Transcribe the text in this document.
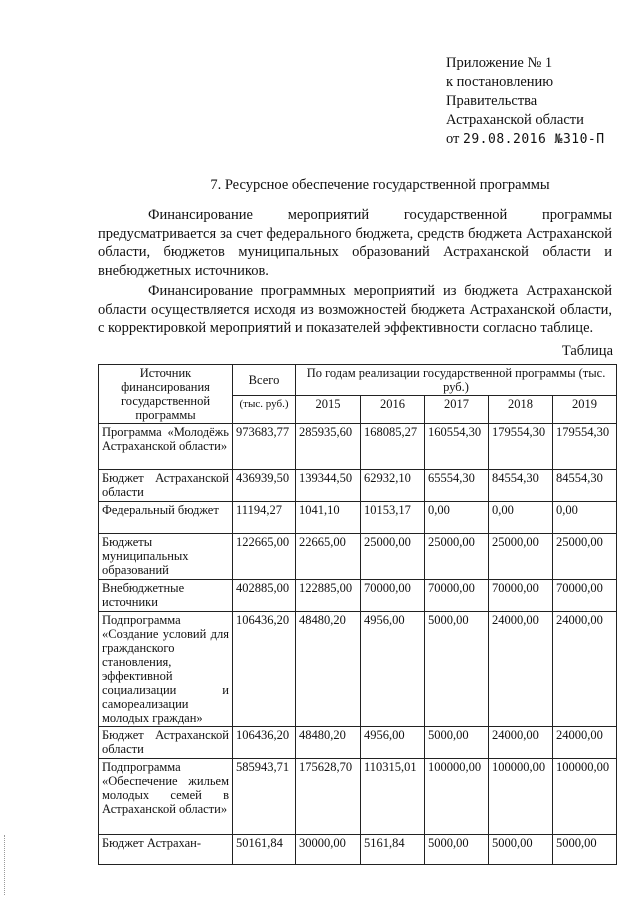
Приложение № 1
к постановлению
Правительства
Астраханской области
от 29.08.2016 №310-П
7. Ресурсное обеспечение государственной программы
Финансирование мероприятий государственной программы предусматривается за счет федерального бюджета, средств бюджета Астраханской области, бюджетов муниципальных образований Астраханской области и внебюджетных источников.
Финансирование программных мероприятий из бюджета Астраханской области осуществляется исходя из возможностей бюджета Астраханской области, с корректировкой мероприятий и показателей эффективности согласно таблице.
Таблица
Источник финансирования государственной программы	Всего	По годам реализации государственной программы (тыс. руб.)				
	(тыс. руб.)	2015	2016	2017	2018	2019
Программа «Молодёжь Астраханской области»	973683,77	285935,60	168085,27	160554,30	179554,30	179554,30
Бюджет Астраханской области	436939,50	139344,50	62932,10	65554,30	84554,30	84554,30
Федеральный бюджет	11194,27	1041,10	10153,17	0,00	0,00	0,00
Бюджеты муниципальных образований	122665,00	22665,00	25000,00	25000,00	25000,00	25000,00
Внебюджетные источники	402885,00	122885,00	70000,00	70000,00	70000,00	70000,00
Подпрограмма «Создание условий для гражданского становления, эффективной социализации и самореализации молодых граждан»	106436,20	48480,20	4956,00	5000,00	24000,00	24000,00
Бюджет Астраханской области	106436,20	48480,20	4956,00	5000,00	24000,00	24000,00
Подпрограмма «Обеспечение жильем молодых семей в Астраханской области»	585943,71	175628,70	110315,01	100000,00	100000,00	100000,00
Бюджет Астрахан-	50161,84	30000,00	5161,84	5000,00	5000,00	5000,00
